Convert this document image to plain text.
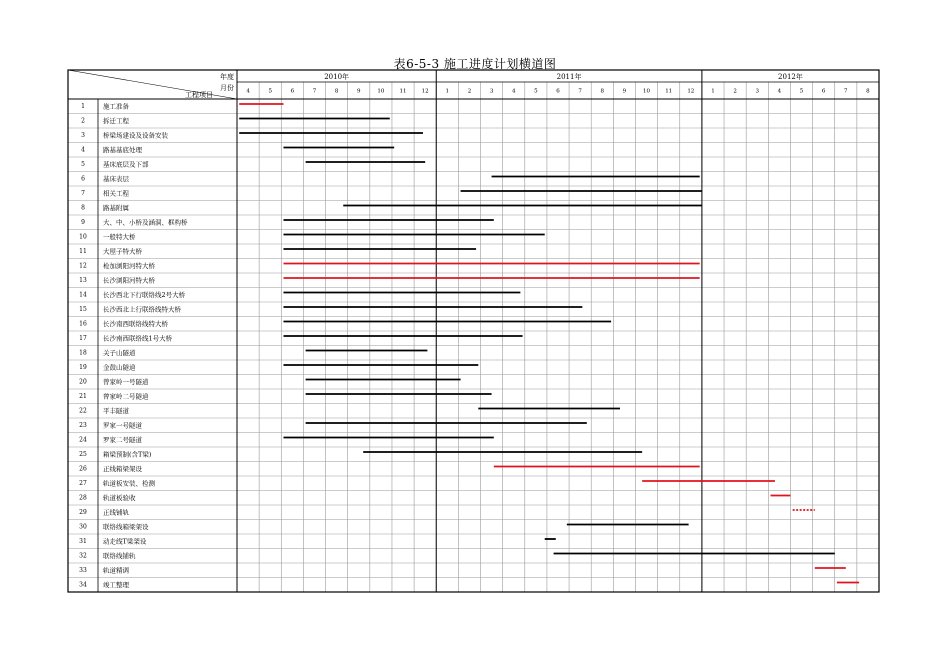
表6-5-3 施工进度计划横道图
年度
月份
工程项目
2010年	2011年	2012年
4	5	6	7	8	9	10	11	12	1	2	3	4	5	6	7	8	9	10	11	12	1	2	3	4	5	6	7	8
1	施工准备
2	拆迁工程
3	桥梁场建设及设备安装
4	路基基底处理
5	基床底层及下部
6	基床表层
7	相关工程
8	路基附属
9	大、中、小桥及涵洞、框构桥
10 一般特大桥
11 大屋子特大桥
12 枪加浏阳河特大桥
13 长沙浏阳河特大桥
14 长沙西北下行联络线2号大桥
15 长沙西北上行联络线特大桥
16 长沙南西联络线特大桥
17 长沙南西联络线1号大桥
18 关子山隧道
19 金鼓山隧道
20 曾家岭一号隧道
21 曾家岭二号隧道
22 平丰隧道
23 罗家一号隧道
24 罗家二号隧道
25 箱梁预制(含T梁)
26 正线箱梁架设
27 轨道板安装、检测
28 轨道板验收
29 正线铺轨
30 联络线箱梁架设
31 动走线T梁架设
32 联络线铺轨
33 轨道精调
34 竣工整理
